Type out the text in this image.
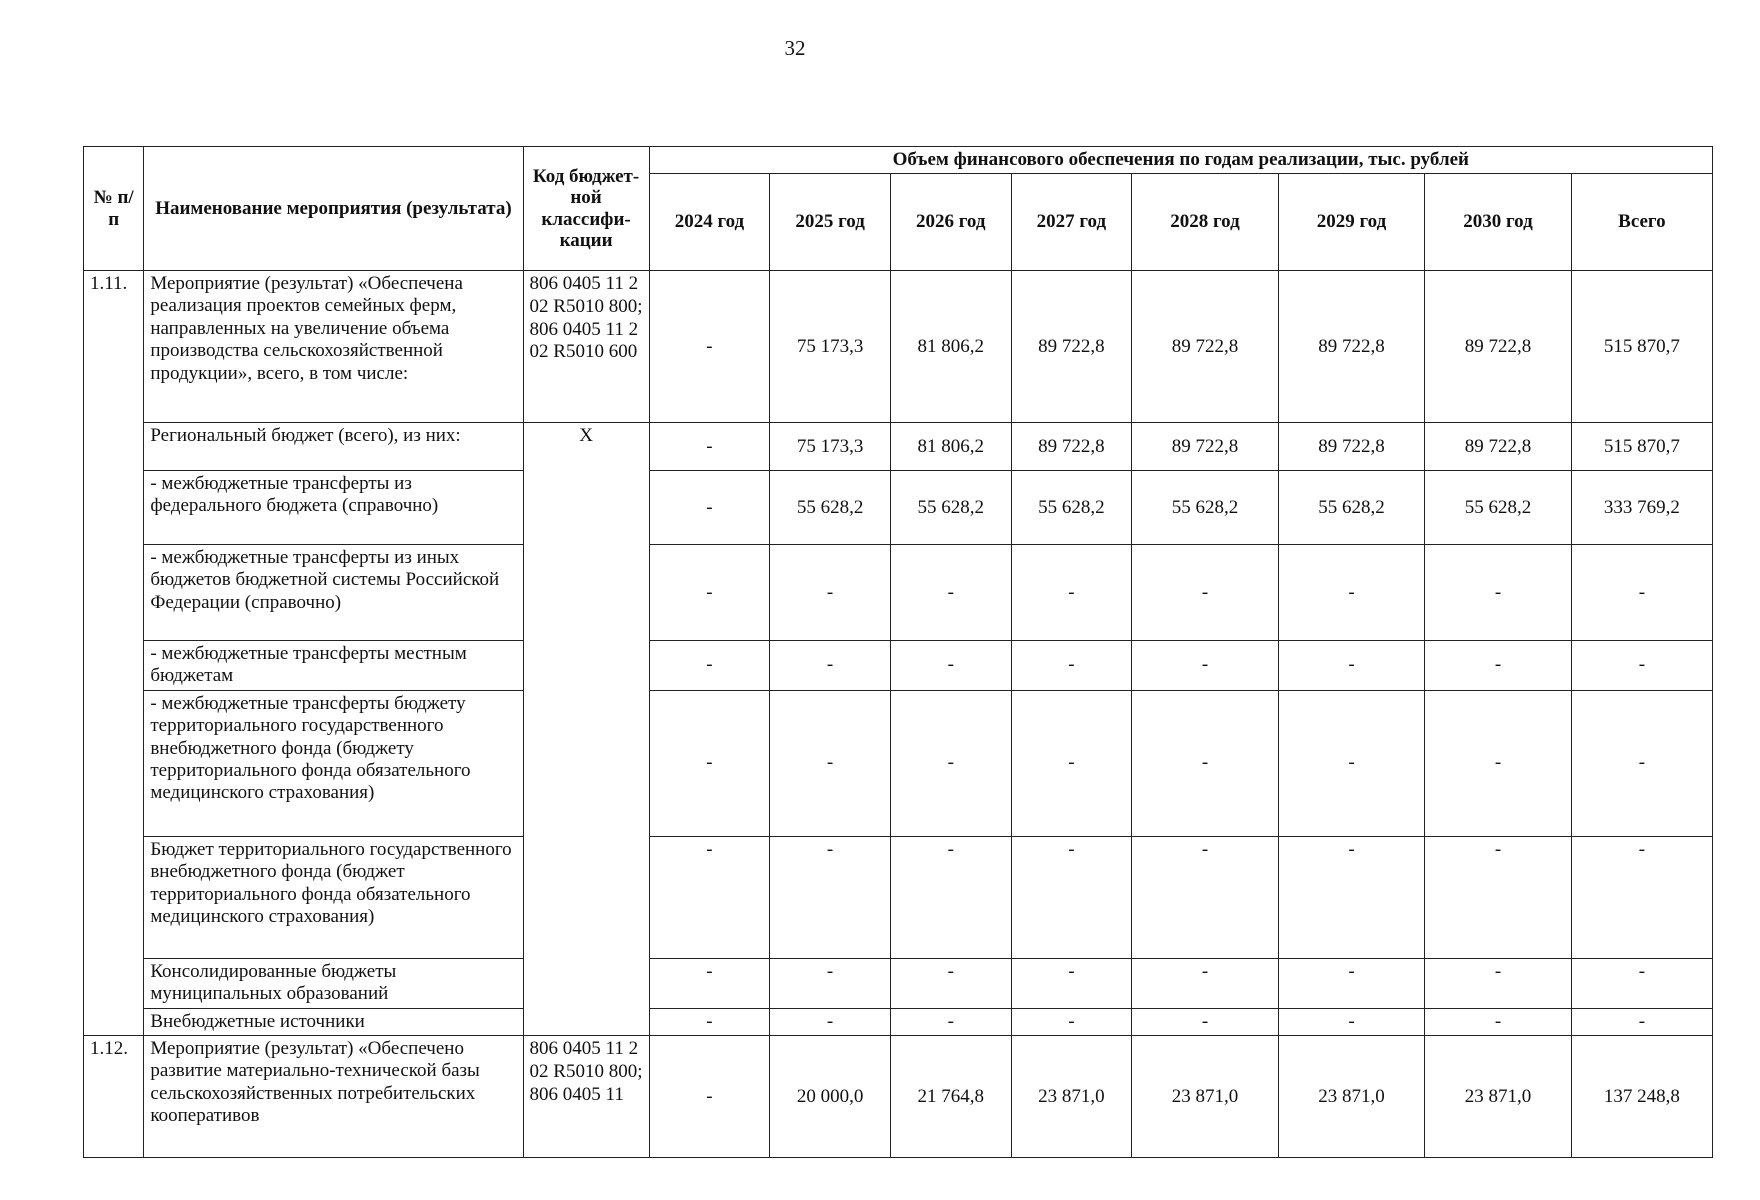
32
№ п/п	Наименование мероприятия (результата)	Код бюджет-ной классифи-кации	Объем финансового обеспечения по годам реализации, тыс. рублей							
			2024 год	2025 год	2026 год	2027 год	2028 год	2029 год	2030 год	Всего
1.11.	Мероприятие (результат) «Обеспечена реализация проектов семейных ферм, направленных на увеличение объема производства сельскохозяйственной продукции», всего, в том числе:	806 0405 11 2 02 R5010 800; 806 0405 11 2 02 R5010 600	-	75 173,3	81 806,2	89 722,8	89 722,8	89 722,8	89 722,8	515 870,7
	Региональный бюджет (всего), из них:	X	-	75 173,3	81 806,2	89 722,8	89 722,8	89 722,8	89 722,8	515 870,7
	- межбюджетные трансферты из федерального бюджета (справочно)		-	55 628,2	55 628,2	55 628,2	55 628,2	55 628,2	55 628,2	333 769,2
	- межбюджетные трансферты из иных бюджетов бюджетной системы Российской Федерации (справочно)		-	-	-	-	-	-	-	-
	- межбюджетные трансферты местным бюджетам		-	-	-	-	-	-	-	-
	- межбюджетные трансферты бюджету территориального государственного внебюджетного фонда (бюджету территориального фонда обязательного медицинского страхования)		-	-	-	-	-	-	-	-
	Бюджет территориального государственного внебюджетного фонда (бюджет территориального фонда обязательного медицинского страхования)		-	-	-	-	-	-	-	-
	Консолидированные бюджеты муниципальных образований		-	-	-	-	-	-	-	-
	Внебюджетные источники		-	-	-	-	-	-	-	-
1.12.	Мероприятие (результат) «Обеспечено развитие материально-технической базы сельскохозяйственных потребительских кооперативов	806 0405 11 2 02 R5010 800; 806 0405 11	-	20 000,0	21 764,8	23 871,0	23 871,0	23 871,0	23 871,0	137 248,8
